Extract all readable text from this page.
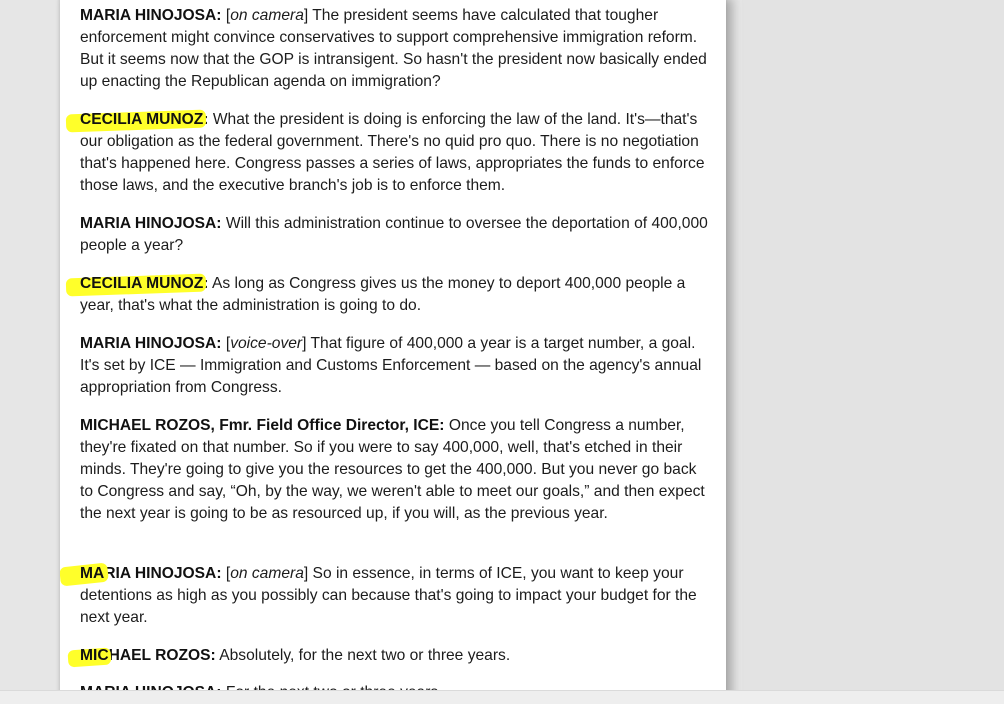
MARIA HINOJOSA: [on camera] The president seems have calculated that tougher enforcement might convince conservatives to support comprehensive immigration reform. But it seems now that the GOP is intransigent. So hasn't the president now basically ended up enacting the Republican agenda on immigration?

CECILIA MUNOZ: What the president is doing is enforcing the law of the land. It's—that's our obligation as the federal government. There's no quid pro quo. There is no negotiation that's happened here. Congress passes a series of laws, appropriates the funds to enforce those laws, and the executive branch's job is to enforce them.

MARIA HINOJOSA: Will this administration continue to oversee the deportation of 400,000 people a year?

CECILIA MUNOZ: As long as Congress gives us the money to deport 400,000 people a year, that's what the administration is going to do.

MARIA HINOJOSA: [voice-over] That figure of 400,000 a year is a target number, a goal. It's set by ICE — Immigration and Customs Enforcement — based on the agency's annual appropriation from Congress.

MICHAEL ROZOS, Fmr. Field Office Director, ICE: Once you tell Congress a number, they're fixated on that number. So if you were to say 400,000, well, that's etched in their minds. They're going to give you the resources to get the 400,000. But you never go back to Congress and say, “Oh, by the way, we weren't able to meet our goals,” and then expect the next year is going to be as resourced up, if you will, as the previous year.

MARIA HINOJOSA: [on camera] So in essence, in terms of ICE, you want to keep your detentions as high as you possibly can because that's going to impact your budget for the next year.

MICHAEL ROZOS: Absolutely, for the next two or three years.
